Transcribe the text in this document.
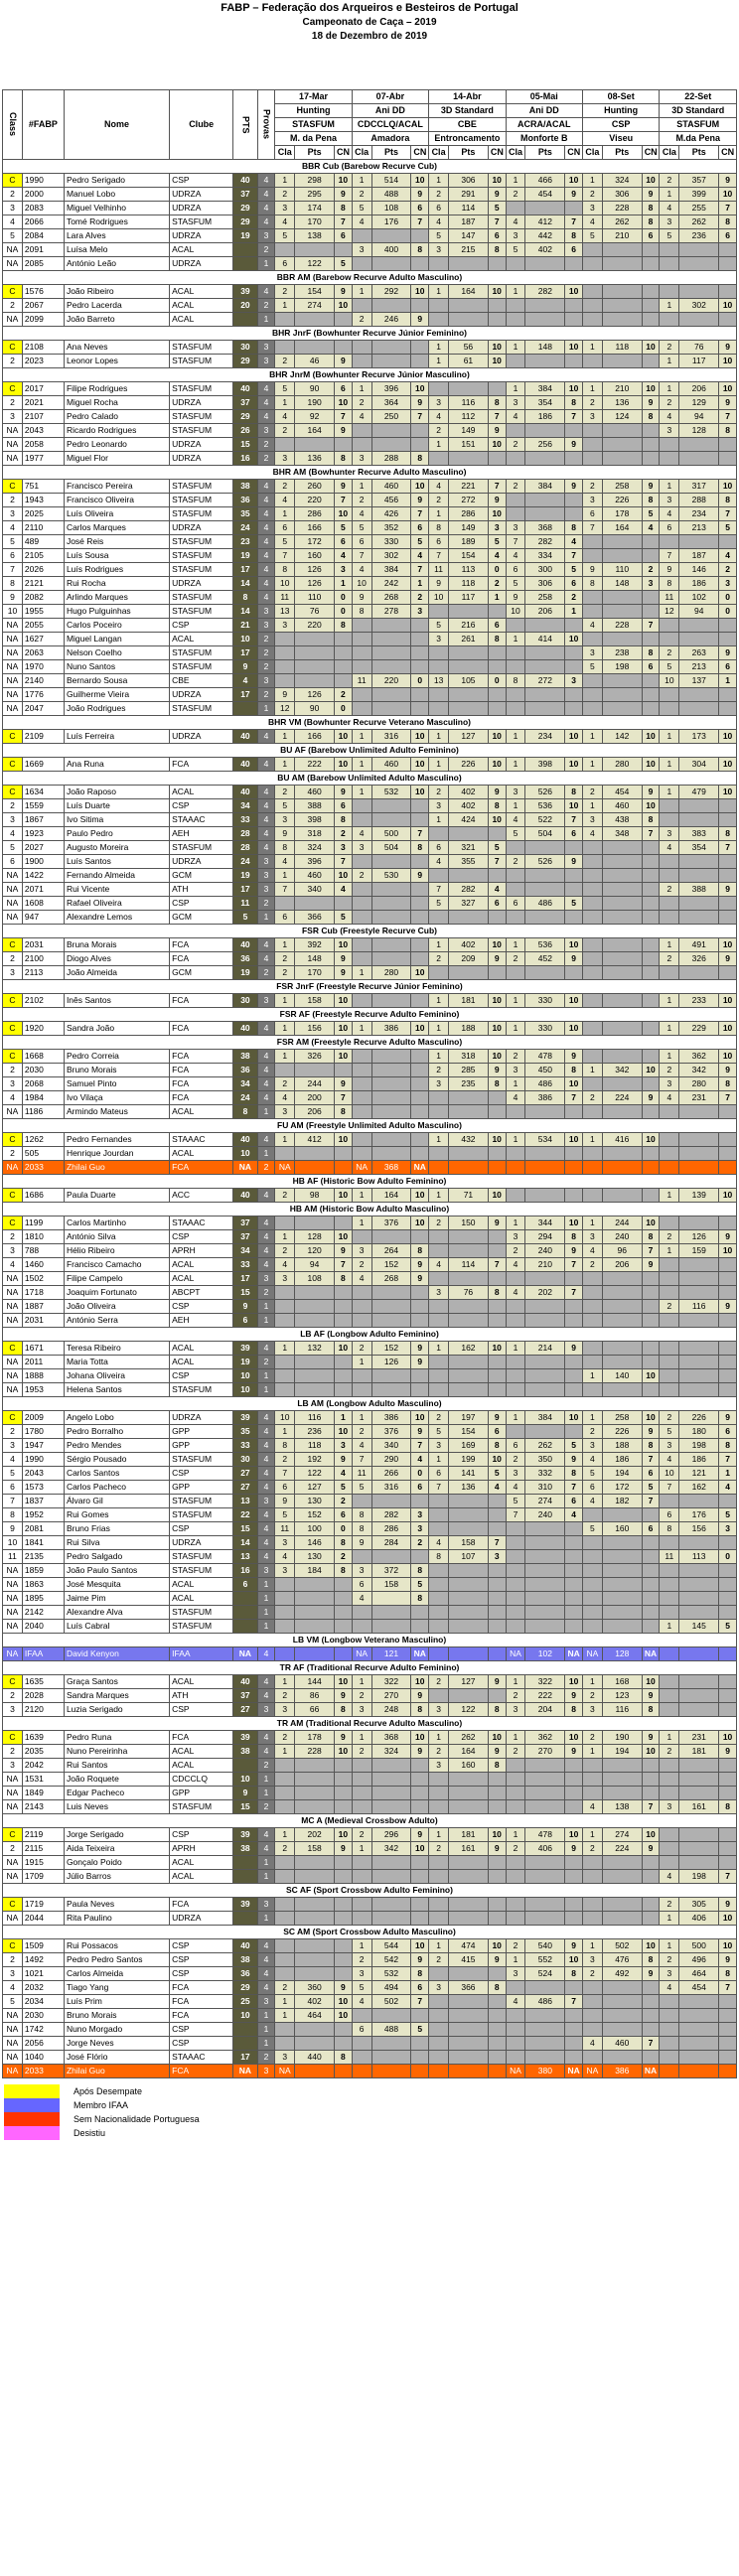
FABP – Federação dos Arqueiros e Besteiros de Portugal
Campeonato de Caça – 2019
18 de Dezembro de 2019
Class	#FABP	Nome	Clube	PTS	Provas	17-Mar			07-Abr			14-Abr			05-Mai			08-Set			22-Set		
						Hunting			Ani DD			3D Standard			Ani DD			Hunting			3D Standard		
						STASFUM			CDCCLQ/ACAL			CBE			ACRA/ACAL			CSP			STASFUM		
						M. da Pena			Amadora			Entroncamento			Monforte B			Viseu			M.da Pena		
						Cla	Pts	CN	Cla	Pts	CN	Cla	Pts	CN	Cla	Pts	CN	Cla	Pts	CN	Cla	Pts	CN
BBR Cub (Barebow Recurve Cub)																							
C	1990	Pedro Serigado	CSP	40	4	1	298	10	1	514	10	1	306	10	1	466	10	1	324	10	2	357	9
2	2000	Manuel Lobo	UDRZA	37	4	2	295	9	2	488	9	2	291	9	2	454	9	2	306	9	1	399	10
3	2083	Miguel Velhinho	UDRZA	29	4	3	174	8	5	108	6	6	114	5				3	228	8	4	255	7
4	2066	Tomé Rodrigues	STASFUM	29	4	4	170	7	4	176	7	4	187	7	4	412	7	4	262	8	3	262	8
5	2084	Lara Alves	UDRZA	19	3	5	138	6				5	147	6	3	442	8	5	210	6	5	236	6
NA	2091	Luísa Melo	ACAL		2				3	400	8	3	215	8	5	402	6						
NA	2085	António Leão	UDRZA		1	6	122	5															
BBR AM (Barebow Recurve Adulto Masculino)																							
C	1576	João Ribeiro	ACAL	39	4	2	154	9	1	292	10	1	164	10	1	282	10						
2	2067	Pedro Lacerda	ACAL	20	2	1	274	10													1	302	10
NA	2099	João Barreto	ACAL		1				2	246	9												
BHR JnrF (Bowhunter Recurve Júnior Feminino)																							
C	2108	Ana Neves	STASFUM	30	3							1	56	10	1	148	10	1	118	10	2	76	9
2	2023	Leonor Lopes	STASFUM	29	3	2	46	9				1	61	10							1	117	10
BHR JnrM (Bowhunter Recurve Júnior Masculino)																							
C	2017	Filipe Rodrigues	STASFUM	40	4	5	90	6	1	396	10				1	384	10	1	210	10	1	206	10
2	2021	Miguel Rocha	UDRZA	37	4	1	190	10	2	364	9	3	116	8	3	354	8	2	136	9	2	129	9
3	2107	Pedro Calado	STASFUM	29	4	4	92	7	4	250	7	4	112	7	4	186	7	3	124	8	4	94	7
NA	2043	Ricardo Rodrigues	STASFUM	26	3	2	164	9				2	149	9							3	128	8
NA	2058	Pedro Leonardo	UDRZA	15	2							1	151	10	2	256	9						
NA	1977	Miguel Flor	UDRZA	16	2	3	136	8	3	288	8												
BHR AM (Bowhunter Recurve Adulto Masculino)																							
C	751	Francisco Pereira	STASFUM	38	4	2	260	9	1	460	10	4	221	7	2	384	9	2	258	9	1	317	10
2	1943	Francisco Oliveira	STASFUM	36	4	4	220	7	2	456	9	2	272	9				3	226	8	3	288	8
3	2025	Luís Oliveira	STASFUM	35	4	1	286	10	4	426	7	1	286	10				6	178	5	4	234	7
4	2110	Carlos Marques	UDRZA	24	4	6	166	5	5	352	6	8	149	3	3	368	8	7	164	4	6	213	5
5	489	José Reis	STASFUM	23	4	5	172	6	6	330	5	6	189	5	7	282	4						
6	2105	Luís Sousa	STASFUM	19	4	7	160	4	7	302	4	7	154	4	4	334	7				7	187	4
7	2026	Luís Rodrigues	STASFUM	17	4	8	126	3	4	384	7	11	113	0	6	300	5	9	110	2	9	146	2
8	2121	Rui Rocha	UDRZA	14	4	10	126	1	10	242	1	9	118	2	5	306	6	8	148	3	8	186	3
9	2082	Arlindo Marques	STASFUM	8	4	11	110	0	9	268	2	10	117	1	9	258	2				11	102	0
10	1955	Hugo Pulguinhas	STASFUM	14	3	13	76	0	8	278	3				10	206	1				12	94	0
NA	2055	Carlos Poceiro	CSP	21	3	3	220	8				5	216	6				4	228	7			
NA	1627	Miguel Langan	ACAL	10	2							3	261	8	1	414	10						
NA	2063	Nelson Coelho	STASFUM	17	2													3	238	8	2	263	9
NA	1970	Nuno Santos	STASFUM	9	2													5	198	6	5	213	6
NA	2140	Bernardo Sousa	CBE	4	3				11	220	0	13	105	0	8	272	3				10	137	1
NA	1776	Guilherme Vieira	UDRZA	17	2	9	126	2															
NA	2047	João Rodrigues	STASFUM		1	12	90	0															
BHR VM (Bowhunter Recurve Veterano Masculino)																							
C	2109	Luís Ferreira	UDRZA	40	4	1	166	10	1	316	10	1	127	10	1	234	10	1	142	10	1	173	10
BU AF (Barebow Unlimited Adulto Feminino)																							
C	1669	Ana Runa	FCA	40	4	1	222	10	1	460	10	1	226	10	1	398	10	1	280	10	1	304	10
BU AM (Barebow Unlimited Adulto Masculino)																							
C	1634	João Raposo	ACAL	40	4	2	460	9	1	532	10	2	402	9	3	526	8	2	454	9	1	479	10
2	1559	Luís Duarte	CSP	34	4	5	388	6				3	402	8	1	536	10	1	460	10			
3	1867	Ivo Sitima	STAAAC	33	4	3	398	8				1	424	10	4	522	7	3	438	8			
4	1923	Paulo Pedro	AEH	28	4	9	318	2	4	500	7				5	504	6	4	348	7	3	383	8
5	2027	Augusto Moreira	STASFUM	28	4	8	324	3	3	504	8	6	321	5							4	354	7
6	1900	Luís Santos	UDRZA	24	3	4	396	7				4	355	7	2	526	9						
NA	1422	Fernando Almeida	GCM	19	3	1	460	10	2	530	9												
NA	2071	Rui Vicente	ATH	17	3	7	340	4				7	282	4							2	388	9
NA	1608	Rafael Oliveira	CSP	11	2							5	327	6	6	486	5						
NA	947	Alexandre Lemos	GCM	5	1	6	366	5															
FSR Cub (Freestyle Recurve Cub)																							
C	2031	Bruna Morais	FCA	40	4	1	392	10				1	402	10	1	536	10				1	491	10
2	2100	Diogo Alves	FCA	36	4	2	148	9				2	209	9	2	452	9				2	326	9
3	2113	João Almeida	GCM	19	2	2	170	9	1	280	10												
FSR JnrF (Freestyle Recurve Júnior Feminino)																							
C	2102	Inês Santos	FCA	30	3	1	158	10				1	181	10	1	330	10				1	233	10
FSR AF (Freestyle Recurve Adulto Feminino)																							
C	1920	Sandra João	FCA	40	4	1	156	10	1	386	10	1	188	10	1	330	10				1	229	10
FSR AM (Freestyle Recurve Adulto Masculino)																							
C	1668	Pedro Correia	FCA	38	4	1	326	10				1	318	10	2	478	9				1	362	10
2	2030	Bruno Morais	FCA	36	4							2	285	9	3	450	8	1	342	10	2	342	9
3	2068	Samuel Pinto	FCA	34	4	2	244	9				3	235	8	1	486	10				3	280	8
4	1984	Ivo Vilaça	FCA	24	4	4	200	7							4	386	7	2	224	9	4	231	7
NA	1186	Armindo Mateus	ACAL	8	1	3	206	8															
FU AM (Freestyle Unlimited Adulto Masculino)																							
C	1262	Pedro Fernandes	STAAAC	40	4	1	412	10				1	432	10	1	534	10	1	416	10			
2	505	Henrique Jourdan	ACAL	10	1																		
NA	2033	Zhilai Guo	FCA	NA	2	NA			NA	368	NA												
HB AF (Historic Bow Adulto Feminino)																							
C	1686	Paula Duarte	ACC	40	4	2	98	10	1	164	10	1	71	10							1	139	10
HB AM (Historic Bow Adulto Masculino)																							
C	1199	Carlos Martinho	STAAAC	37	4				1	376	10	2	150	9	1	344	10	1	244	10			
2	1810	António Silva	CSP	37	4	1	128	10							3	294	8	3	240	8	2	126	9
3	788	Hélio Ribeiro	APRH	34	4	2	120	9	3	264	8				2	240	9	4	96	7	1	159	10
4	1460	Francisco Camacho	ACAL	33	4	4	94	7	2	152	9	4	114	7	4	210	7	2	206	9			
NA	1502	Filipe Campelo	ACAL	17	3	3	108	8	4	268	9												
NA	1718	Joaquim Fortunato	ABCPT	15	2							3	76	8	4	202	7						
NA	1887	João Oliveira	CSP	9	1																2	116	9
NA	2031	António Serra	AEH	6	1																		
LB AF (Longbow Adulto Feminino)																							
C	1671	Teresa Ribeiro	ACAL	39	4	1	132	10	2	152	9	1	162	10	1	214	9						
NA	2011	Maria Totta	ACAL	19	2				1	126	9												
NA	1888	Johana Oliveira	CSP	10	1													1	140	10			
NA	1953	Helena Santos	STASFUM	10	1																		
LB AM (Longbow Adulto Masculino)																							
C	2009	Angelo Lobo	UDRZA	39	4	10	116	1	1	386	10	2	197	9	1	384	10	1	258	10	2	226	9
2	1780	Pedro Borralho	GPP	35	4	1	236	10	2	376	9	5	154	6				2	226	9	5	180	6
3	1947	Pedro Mendes	GPP	33	4	8	118	3	4	340	7	3	169	8	6	262	5	3	188	8	3	198	8
4	1990	Sérgio Pousado	STASFUM	30	4	2	192	9	7	290	4	1	199	10	2	350	9	4	186	7	4	186	7
5	2043	Carlos Santos	CSP	27	4	7	122	4	11	266	0	6	141	5	3	332	8	5	194	6	10	121	1
6	1573	Carlos Pacheco	GPP	27	4	6	127	5	5	316	6	7	136	4	4	310	7	6	172	5	7	162	4
7	1837	Álvaro Gil	STASFUM	13	3	9	130	2							5	274	6	4	182	7			
8	1952	Rui Gomes	STASFUM	22	4	5	152	6	8	282	3				7	240	4				6	176	5
9	2081	Bruno Frias	CSP	15	4	11	100	0	8	286	3							5	160	6	8	156	3
10	1841	Rui Silva	UDRZA	14	4	3	146	8	9	284	2	4	158	7									
11	2135	Pedro Salgado	STASFUM	13	4	4	130	2				8	107	3							11	113	0
NA	1859	João Paulo Santos	STASFUM	16	3	3	184	8	3	372	8												
NA	1863	José Mesquita	ACAL	6	1				6	158	5												
NA	1895	Jaime Pim	ACAL		1				4		8												
NA	2142	Alexandre Alva	STASFUM		1																		
NA	2040	Luís Cabral	STASFUM		1																1	145	5
LB VM (Longbow Veterano Masculino)																							
NA	IFAA	David Kenyon	IFAA	NA	4				NA	121	NA				NA	102	NA	NA	128	NA			
TR AF (Traditional Recurve Adulto Feminino)																							
C	1635	Graça Santos	ACAL	40	4	1	144	10	1	322	10	2	127	9	1	322	10	1	168	10			
2	2028	Sandra Marques	ATH	37	4	2	86	9	2	270	9				2	222	9	2	123	9			
3	2120	Luzia Serigado	CSP	27	3	3	66	8	3	248	8	3	122	8	3	204	8	3	116	8			
TR AM (Traditional Recurve Adulto Masculino)																							
C	1639	Pedro Runa	FCA	39	4	2	178	9	1	368	10	1	262	10	1	362	10	2	190	9	1	231	10
2	2035	Nuno Pereirinha	ACAL	38	4	1	228	10	2	324	9	2	164	9	2	270	9	1	194	10	2	181	9
3	2042	Rui Santos	ACAL		2							3	160	8									
NA	1531	João Roquete	CDCCLQ	10	1																		
NA	1849	Edgar Pacheco	GPP	9	1																		
NA	2143	Luis Neves	STASFUM	15	2													4	138	7	3	161	8
MC A (Medieval Crossbow Adulto)																							
C	2119	Jorge Serigado	CSP	39	4	1	202	10	2	296	9	1	181	10	1	478	10	1	274	10			
2	2115	Aida Teixeira	APRH	38	4	2	158	9	1	342	10	2	161	9	2	406	9	2	224	9			
NA	1915	Gonçalo Poido	ACAL		1																		
NA	1709	Júlio Barros	ACAL		1																4	198	7
SC AF (Sport Crossbow Adulto Feminino)																							
C	1719	Paula Neves	FCA	39	3																2	305	9
NA	2044	Rita Paulino	UDRZA		1																1	406	10
SC AM (Sport Crossbow Adulto Masculino)																							
C	1509	Rui Possacos	CSP	40	4				1	544	10	1	474	10	2	540	9	1	502	10	1	500	10
2	1492	Pedro Pedro Santos	CSP	38	4				2	542	9	2	415	9	1	552	10	3	476	8	2	496	9
3	1021	Carlos Almeida	CSP	36	4				3	532	8				3	524	8	2	492	9	3	464	8
4	2032	Tiago Yang	FCA	29	4	2	360	9	5	494	6	3	366	8							4	454	7
5	2034	Luís Prim	FCA	25	3	1	402	10	4	502	7				4	486	7						
NA	2030	Bruno Morais	FCA	10	1	1	464	10															
NA	1742	Nuno Morgado	CSP		1				6	488	5												
NA	2056	Jorge Neves	CSP		1													4	460	7			
NA	1040	José Flório	STAAAC	17	2	3	440	8															
NA	2033	Zhilai Guo	FCA	NA	3	NA									NA	380	NA	NA	386	NA			
Após Desempate
Membro IFAA
Sem Nacionalidade Portuguesa
Desistiu
